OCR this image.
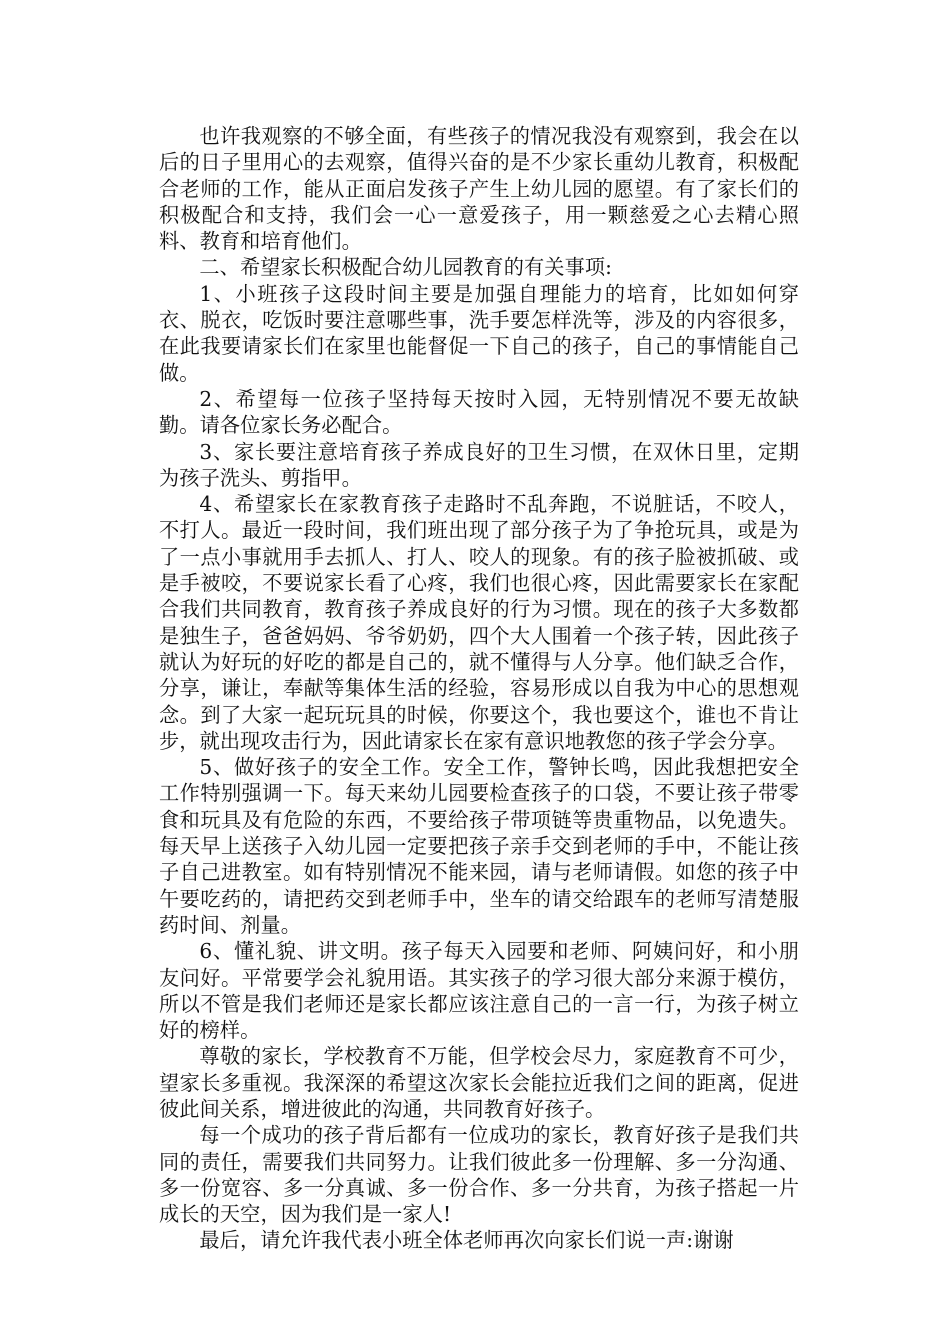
也许我观察的不够全面，有些孩子的情况我没有观察到，我会在以后的日子里用心的去观察，值得兴奋的是不少家长重幼儿教育，积极配合老师的工作，能从正面启发孩子产生上幼儿园的愿望。有了家长们的积极配合和支持，我们会一心一意爱孩子，用一颗慈爱之心去精心照料、教育和培育他们。

二、希望家长积极配合幼儿园教育的有关事项:

1、小班孩子这段时间主要是加强自理能力的培育，比如如何穿衣、脱衣，吃饭时要注意哪些事，洗手要怎样洗等，涉及的内容很多，在此我要请家长们在家里也能督促一下自己的孩子，自己的事情能自己做。

2、希望每一位孩子坚持每天按时入园，无特别情况不要无故缺勤。请各位家长务必配合。

3、家长要注意培育孩子养成良好的卫生习惯，在双休日里，定期为孩子洗头、剪指甲。

4、希望家长在家教育孩子走路时不乱奔跑，不说脏话，不咬人，不打人。最近一段时间，我们班出现了部分孩子为了争抢玩具，或是为了一点小事就用手去抓人、打人、咬人的现象。有的孩子脸被抓破、或是手被咬，不要说家长看了心疼，我们也很心疼，因此需要家长在家配合我们共同教育，教育孩子养成良好的行为习惯。现在的孩子大多数都是独生子，爸爸妈妈、爷爷奶奶，四个大人围着一个孩子转，因此孩子就认为好玩的好吃的都是自己的，就不懂得与人分享。他们缺乏合作，分享，谦让，奉献等集体生活的经验，容易形成以自我为中心的思想观念。到了大家一起玩玩具的时候，你要这个，我也要这个，谁也不肯让步，就出现攻击行为，因此请家长在家有意识地教您的孩子学会分享。

5、做好孩子的安全工作。安全工作，警钟长鸣，因此我想把安全工作特别强调一下。每天来幼儿园要检查孩子的口袋，不要让孩子带零食和玩具及有危险的东西，不要给孩子带项链等贵重物品，以免遗失。每天早上送孩子入幼儿园一定要把孩子亲手交到老师的手中，不能让孩子自己进教室。如有特别情况不能来园，请与老师请假。如您的孩子中午要吃药的，请把药交到老师手中，坐车的请交给跟车的老师写清楚服药时间、剂量。

6、懂礼貌、讲文明。孩子每天入园要和老师、阿姨问好，和小朋友问好。平常要学会礼貌用语。其实孩子的学习很大部分来源于模仿，所以不管是我们老师还是家长都应该注意自己的一言一行，为孩子树立好的榜样。

尊敬的家长，学校教育不万能，但学校会尽力，家庭教育不可少，望家长多重视。我深深的希望这次家长会能拉近我们之间的距离，促进彼此间关系，增进彼此的沟通，共同教育好孩子。

每一个成功的孩子背后都有一位成功的家长，教育好孩子是我们共同的责任，需要我们共同努力。让我们彼此多一份理解、多一分沟通、多一份宽容、多一分真诚、多一份合作、多一分共育，为孩子搭起一片成长的天空，因为我们是一家人!

最后，请允许我代表小班全体老师再次向家长们说一声:谢谢
